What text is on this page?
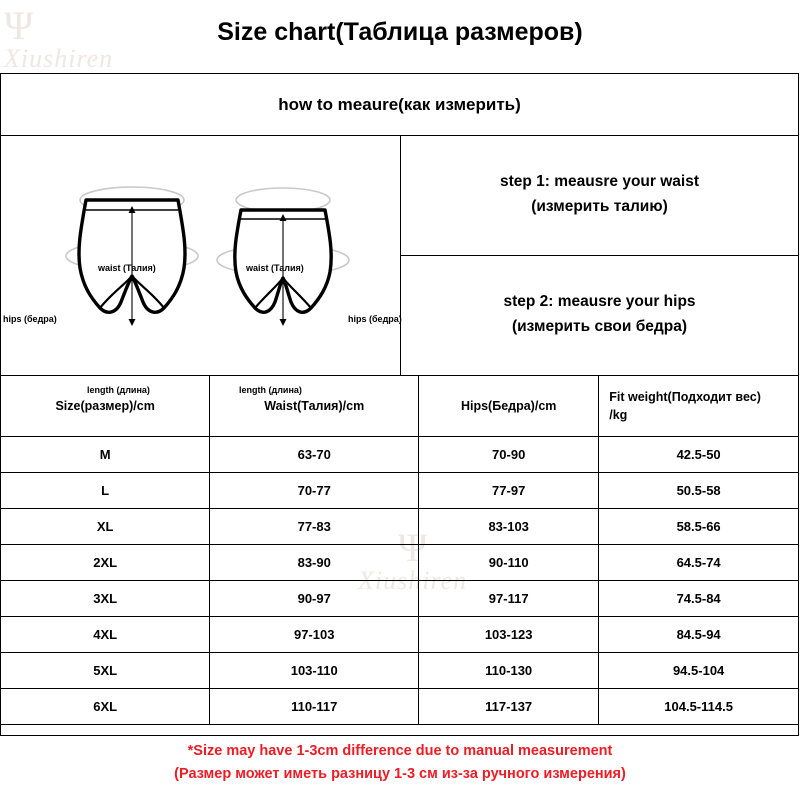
Ψ
Xiushiren
Ψ
Xiushiren
Size chart(Таблица размеров)
how to meaure(как измерить)
waist (Талия)	waist (Талия)
hips (бедра)	hips (бедра)
length (длина)	length (длина)
step 1: meausre your waist
(измерить талию)
step 2: meausre your hips
(измерить свои бедра)
Size(размер)/cm	Waist(Талия)/cm	Hips(Бедра)/cm	Fit weight(Подходит вес)
/kg

M	63-70	70-90	42.5-50
L	70-77	77-97	50.5-58
XL	77-83	83-103	58.5-66
2XL	83-90	90-110	64.5-74
3XL	90-97	97-117	74.5-84
4XL	97-103	103-123	84.5-94
5XL	103-110	110-130	94.5-104
6XL	110-117	117-137	104.5-114.5
*Size may have 1-3cm difference due to manual measurement
(Размер может иметь разницу 1-3 см из-за ручного измерения)
